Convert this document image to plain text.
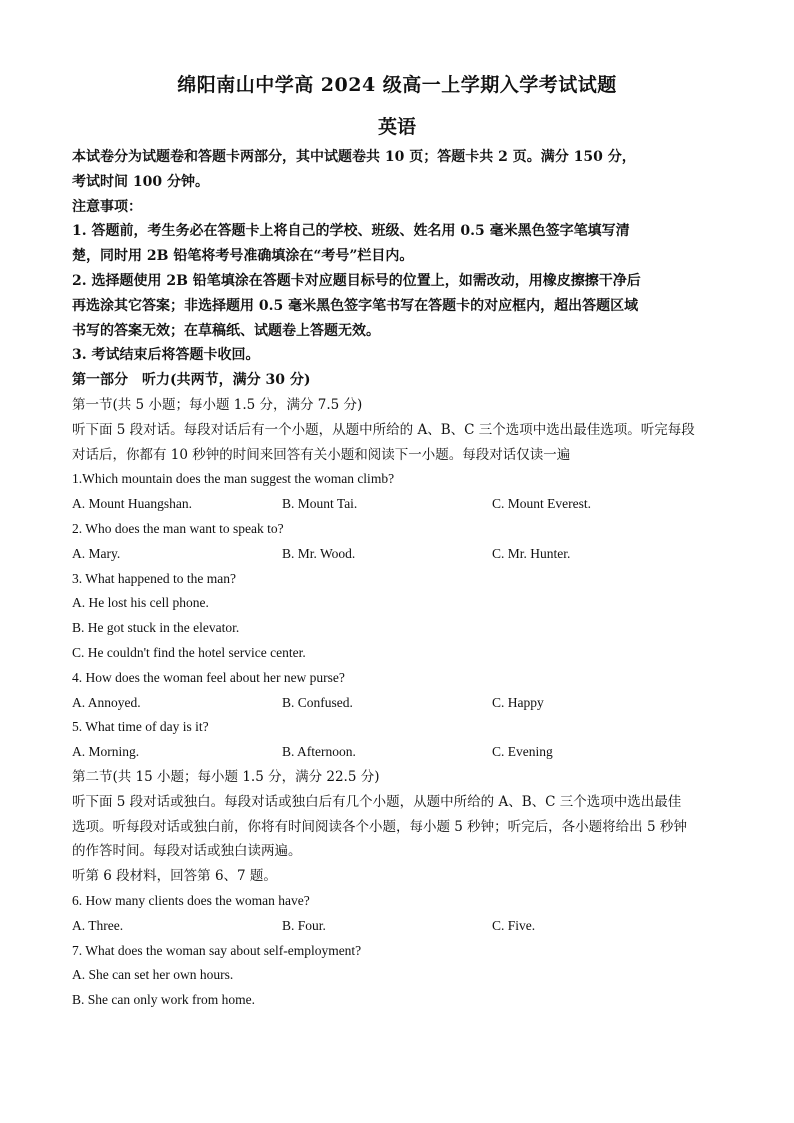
绵阳南山中学高 2024 级高一上学期入学考试试题
英语
本试卷分为试题卷和答题卡两部分，其中试题卷共 10 页；答题卡共 2 页。满分 150 分，
考试时间 100 分钟。
注意事项：
1. 答题前，考生务必在答题卡上将自己的学校、班级、姓名用 0.5 毫米黑色签字笔填写清
楚，同时用 2B 铅笔将考号准确填涂在“考号”栏目内。
2. 选择题使用 2B 铅笔填涂在答题卡对应题目标号的位置上，如需改动，用橡皮擦擦干净后
再选涂其它答案；非选择题用 0.5 毫米黑色签字笔书写在答题卡的对应框内，超出答题区域
书写的答案无效；在草稿纸、试题卷上答题无效。
3. 考试结束后将答题卡收回。
第一部分　听力(共两节，满分 30 分)
第一节(共 5 小题；每小题 1.5 分，满分 7.5 分)
听下面 5 段对话。每段对话后有一个小题，从题中所给的 A、B、C 三个选项中选出最佳选项。听完每段
对话后，你都有 10 秒钟的时间来回答有关小题和阅读下一小题。每段对话仅读一遍
1.Which mountain does the man suggest the woman climb?
A. Mount Huangshan.	B. Mount Tai.	C. Mount Everest.
2. Who does the man want to speak to?
A. Mary.	B. Mr. Wood.	C. Mr. Hunter.
3. What happened to the man?
A. He lost his cell phone.
B. He got stuck in the elevator.
C. He couldn't find the hotel service center.
4. How does the woman feel about her new purse?
A. Annoyed.	B. Confused.	C. Happy
5. What time of day is it?
A. Morning.	B. Afternoon.	C. Evening
第二节(共 15 小题；每小题 1.5 分，满分 22.5 分)
听下面 5 段对话或独白。每段对话或独白后有几个小题，从题中所给的 A、B、C 三个选项中选出最佳
选项。听每段对话或独白前，你将有时间阅读各个小题，每小题 5 秒钟；听完后，各小题将给出 5 秒钟
的作答时间。每段对话或独白读两遍。
听第 6 段材料，回答第 6、7 题。
6. How many clients does the woman have?
A. Three.	B. Four.	C. Five.
7. What does the woman say about self-employment?
A. She can set her own hours.
B. She can only work from home.
